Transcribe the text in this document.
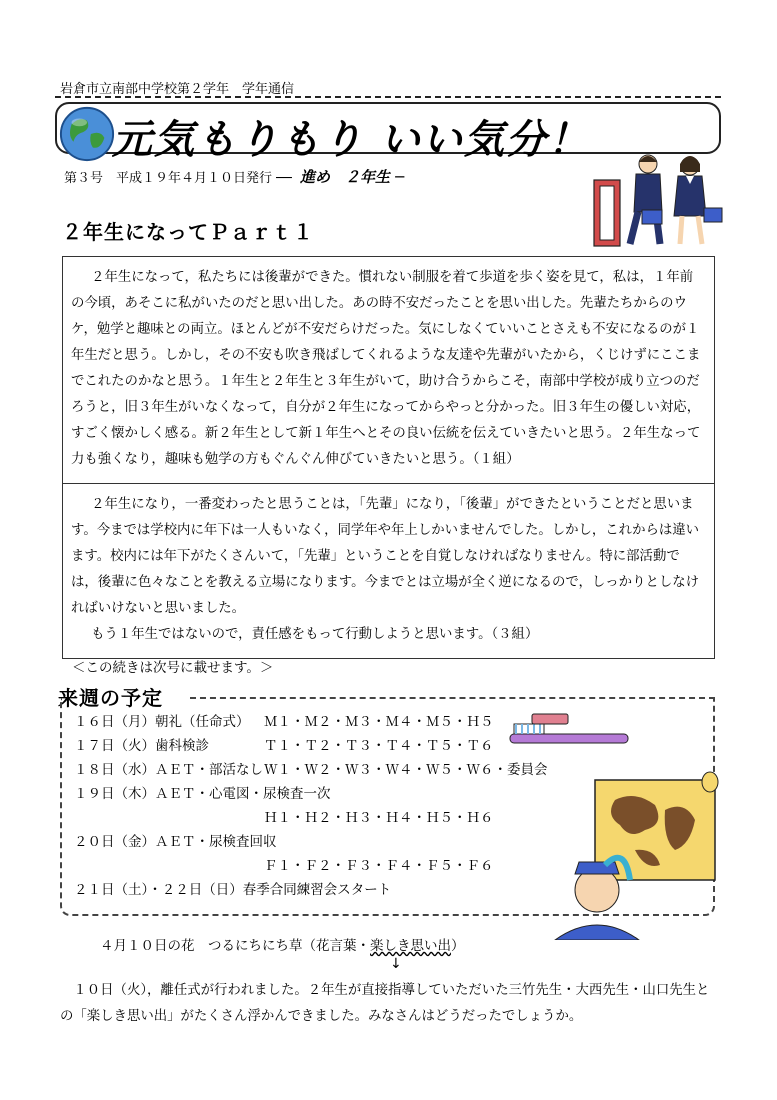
岩倉市立南部中学校第２学年　学年通信
元気もりもり いい気分！
第３号　平成１９年４月１０日発行 ── 進め　２年生 ─
２年生になってＰａｒｔ１

２年生になって，私たちには後輩ができた。慣れない制服を着て歩道を歩く姿を見て，私は，１年前の今頃，あそこに私がいたのだと思い出した。あの時不安だったことを思い出した。先輩たちからのウケ，勉学と趣味との両立。ほとんどが不安だらけだった。気にしなくていいことさえも不安になるのが１年生だと思う。しかし，その不安も吹き飛ばしてくれるような友達や先輩がいたから，くじけずにここまでこれたのかなと思う。１年生と２年生と３年生がいて，助け合うからこそ，南部中学校が成り立つのだろうと，旧３年生がいなくなって，自分が２年生になってからやっと分かった。旧３年生の優しい対応，すごく懐かしく感る。新２年生として新１年生へとその良い伝統を伝えていきたいと思う。２年生なって力も強くなり，趣味も勉学の方もぐんぐん伸びていきたいと思う。（１組）

２年生になり，一番変わったと思うことは，「先輩」になり，「後輩」ができたということだと思います。今までは学校内に年下は一人もいなく，同学年や年上しかいませんでした。しかし，これからは違います。校内には年下がたくさんいて，「先輩」ということを自覚しなければなりません。特に部活動では，後輩に色々なことを教える立場になります。今までとは立場が全く逆になるので，しっかりとしなければいけないと思いました。

もう１年生ではないので，責任感をもって行動しようと思います。（３組）

＜この続きは次号に載せます。＞
来週の予定
１６日（月）朝礼（任命式） Ｍ１・Ｍ２・Ｍ３・Ｍ４・Ｍ５・Ｈ５
１７日（火）歯科検診	Ｔ１・Ｔ２・Ｔ３・Ｔ４・Ｔ５・Ｔ６
１８日（水）ＡＥＴ・部活なしＷ１・Ｗ２・Ｗ３・Ｗ４・Ｗ５・Ｗ６・委員会
１９日（木）ＡＥＴ・心電図・尿検査一次
Ｈ１・Ｈ２・Ｈ３・Ｈ４・Ｈ５・Ｈ６
２０日（金）ＡＥＴ・尿検査回収
Ｆ１・Ｆ２・Ｆ３・Ｆ４・Ｆ５・Ｆ６
２１日（土）・２２日（日）春季合同練習会スタート
４月１０日の花　つるにちにち草（花言葉・楽しき思い出）
↓
１０日（火），離任式が行われました。２年生が直接指導していただいた三竹先生・大西先生・山口先生との「楽しき思い出」がたくさん浮かんできました。みなさんはどうだったでしょうか。
